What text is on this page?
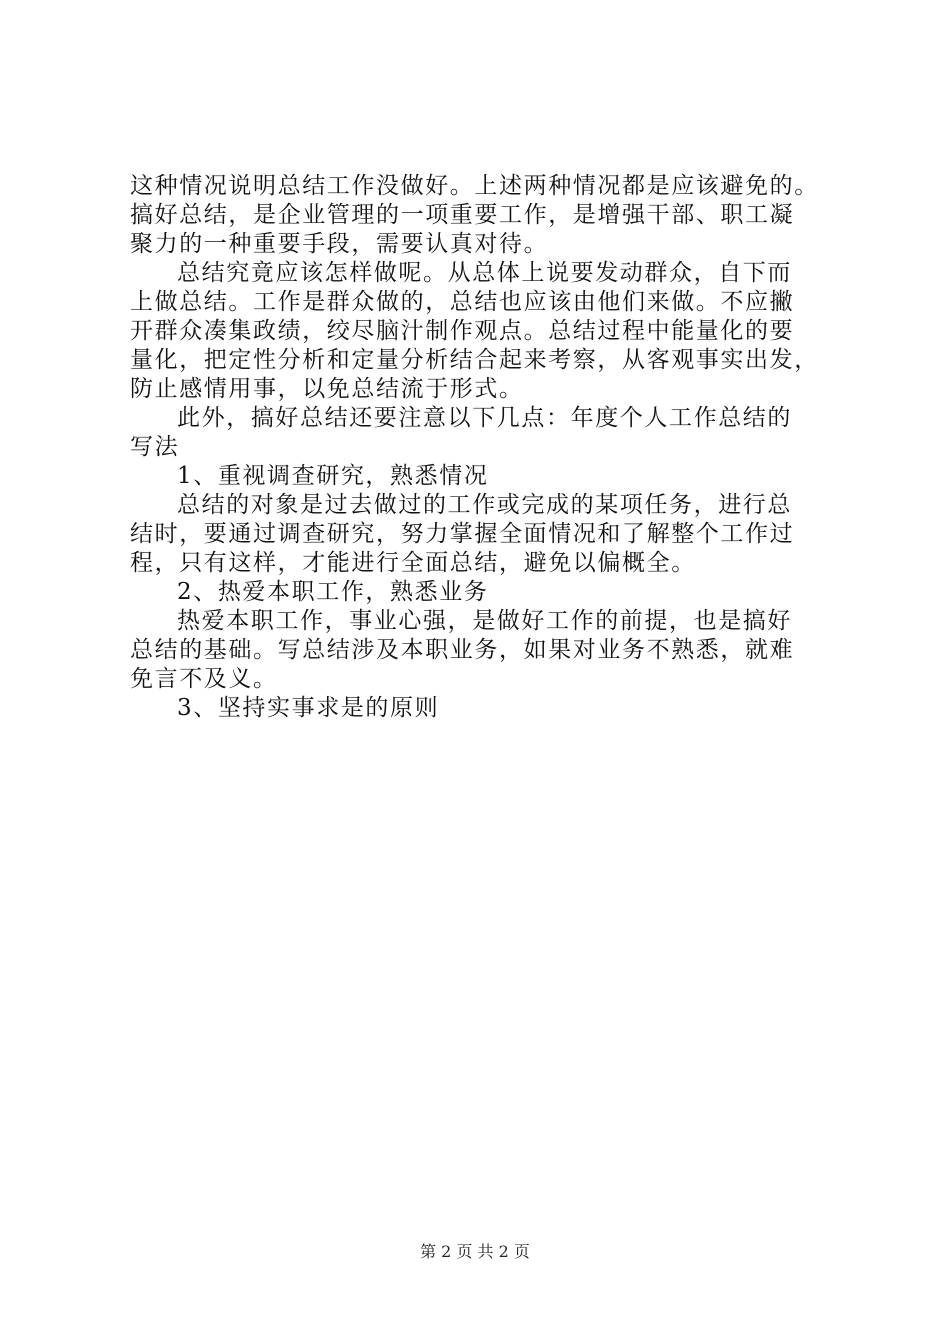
这种情况说明总结工作没做好。上述两种情况都是应该避免的。
搞好总结，是企业管理的一项重要工作，是增强干部、职工凝
聚力的一种重要手段，需要认真对待。
总结究竟应该怎样做呢。从总体上说要发动群众，自下而
上做总结。工作是群众做的，总结也应该由他们来做。不应撇
开群众凑集政绩，绞尽脑汁制作观点。总结过程中能量化的要
量化，把定性分析和定量分析结合起来考察，从客观事实出发，
防止感情用事，以免总结流于形式。
此外，搞好总结还要注意以下几点：年度个人工作总结的
写法
1、重视调查研究，熟悉情况
总结的对象是过去做过的工作或完成的某项任务，进行总
结时，要通过调查研究，努力掌握全面情况和了解整个工作过
程，只有这样，才能进行全面总结，避免以偏概全。
2、热爱本职工作，熟悉业务
热爱本职工作，事业心强，是做好工作的前提，也是搞好
总结的基础。写总结涉及本职业务，如果对业务不熟悉，就难
免言不及义。
3、坚持实事求是的原则
第 2 页 共 2 页
